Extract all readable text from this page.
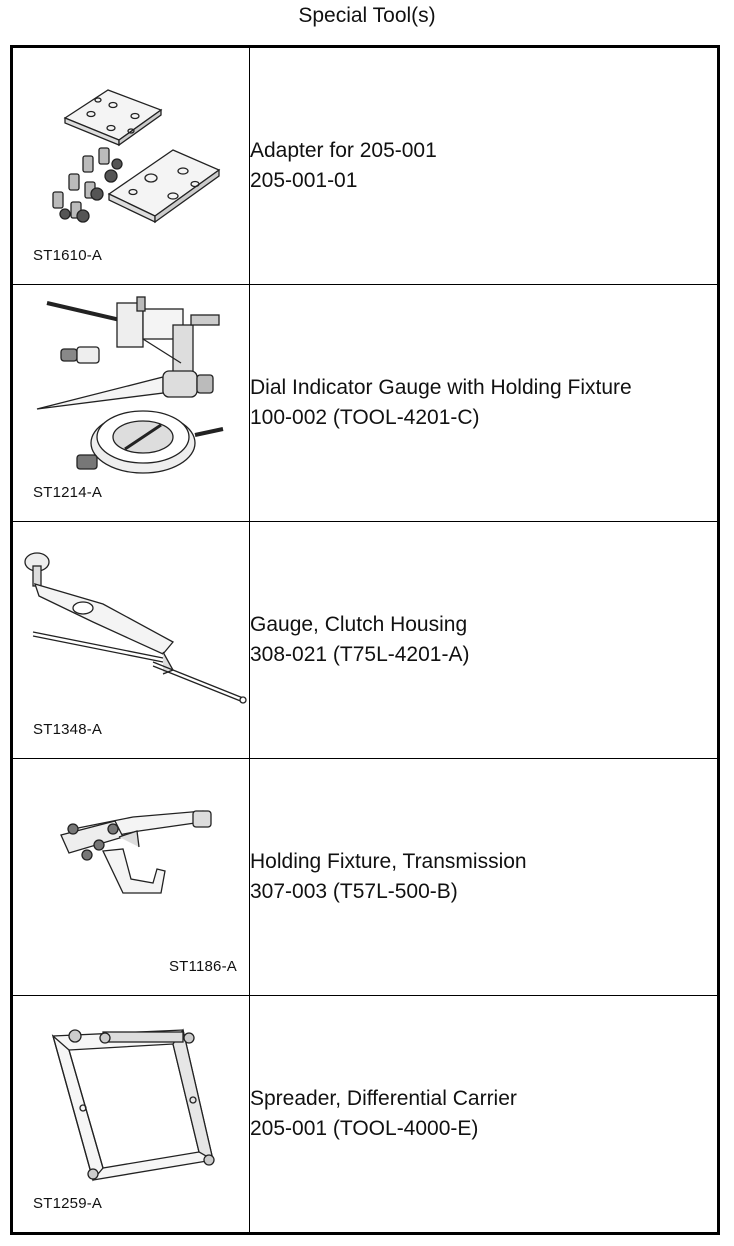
Special Tool(s)
ST1610-A	Adapter for 205-001
205-001-01

ST1214-A	Dial Indicator Gauge with Holding Fixture
100-002 (TOOL-4201-C)

ST1348-A	Gauge, Clutch Housing
308-021 (T75L-4201-A)

ST1186-A	Holding Fixture, Transmission
307-003 (T57L-500-B)

ST1259-A	Spreader, Differential Carrier
205-001 (TOOL-4000-E)
